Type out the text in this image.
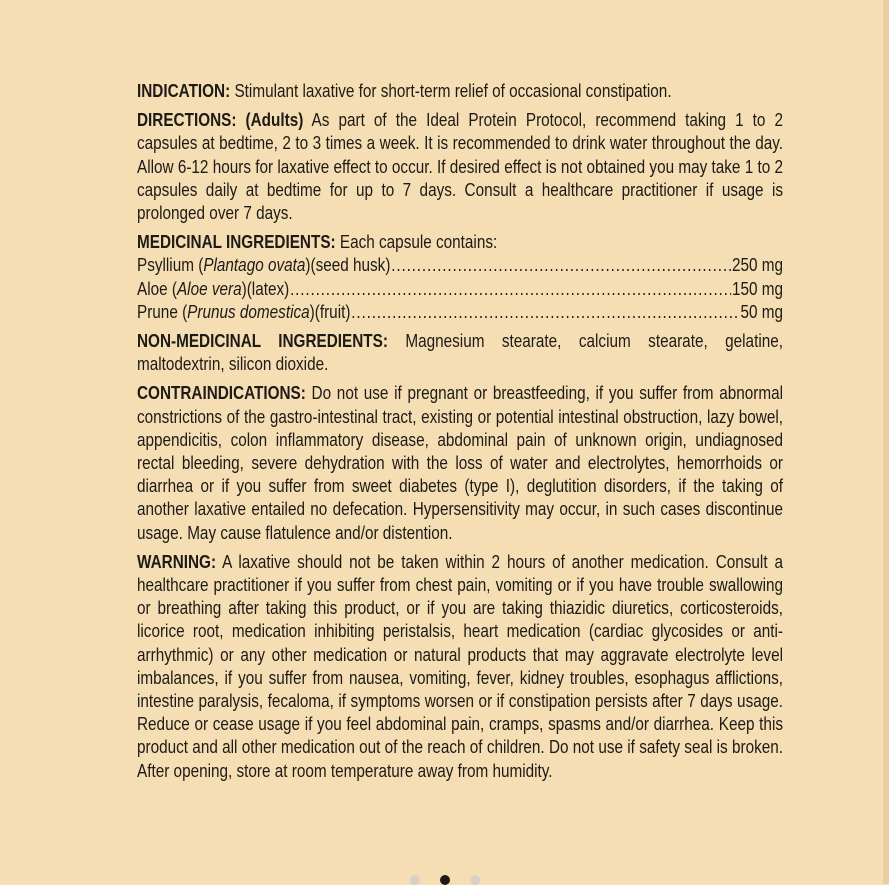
INDICATION: Stimulant laxative for short-term relief of occasional constipation.

DIRECTIONS: (Adults) As part of the Ideal Protein Protocol, recommend taking 1 to 2 capsules at bedtime, 2 to 3 times a week. It is recommended to drink water throughout the day. Allow 6-12 hours for laxative effect to occur. If desired effect is not obtained you may take 1 to 2 capsules daily at bedtime for up to 7 days. Consult a healthcare practitioner if usage is prolonged over 7 days.

MEDICINAL INGREDIENTS: Each capsule contains:
Psyllium (Plantago ovata)(seed husk) .....	250 mg
Aloe (Aloe vera)(latex) .....	150 mg
Prune (Prunus domestica)(fruit) .....	50 mg

NON-MEDICINAL INGREDIENTS: Magnesium stearate, calcium stearate, gelatine, maltodextrin, silicon dioxide.

CONTRAINDICATIONS: Do not use if pregnant or breastfeeding, if you suffer from abnormal constrictions of the gastro-intestinal tract, existing or potential intestinal obstruction, lazy bowel, appendicitis, colon inflammatory disease, abdominal pain of unknown origin, undiagnosed rectal bleeding, severe dehydration with the loss of water and electrolytes, hemorrhoids or diarrhea or if you suffer from sweet diabetes (type I), deglutition disorders, if the taking of another laxative entailed no defecation. Hypersensitivity may occur, in such cases discontinue usage. May cause flatulence and/or distention.

WARNING: A laxative should not be taken within 2 hours of another medication. Consult a healthcare practitioner if you suffer from chest pain, vomiting or if you have trouble swallowing or breathing after taking this product, or if you are taking thiazidic diuretics, corticosteroids, licorice root, medication inhibiting peristalsis, heart medication (cardiac glycosides or anti-arrhythmic) or any other medication or natural products that may aggravate electrolyte level imbalances, if you suffer from nausea, vomiting, fever, kidney troubles, esophagus afflictions, intestine paralysis, fecaloma, if symptoms worsen or if constipation persists after 7 days usage. Reduce or cease usage if you feel abdominal pain, cramps, spasms and/or diarrhea. Keep this product and all other medication out of the reach of children. Do not use if safety seal is broken. After opening, store at room temperature away from humidity.
